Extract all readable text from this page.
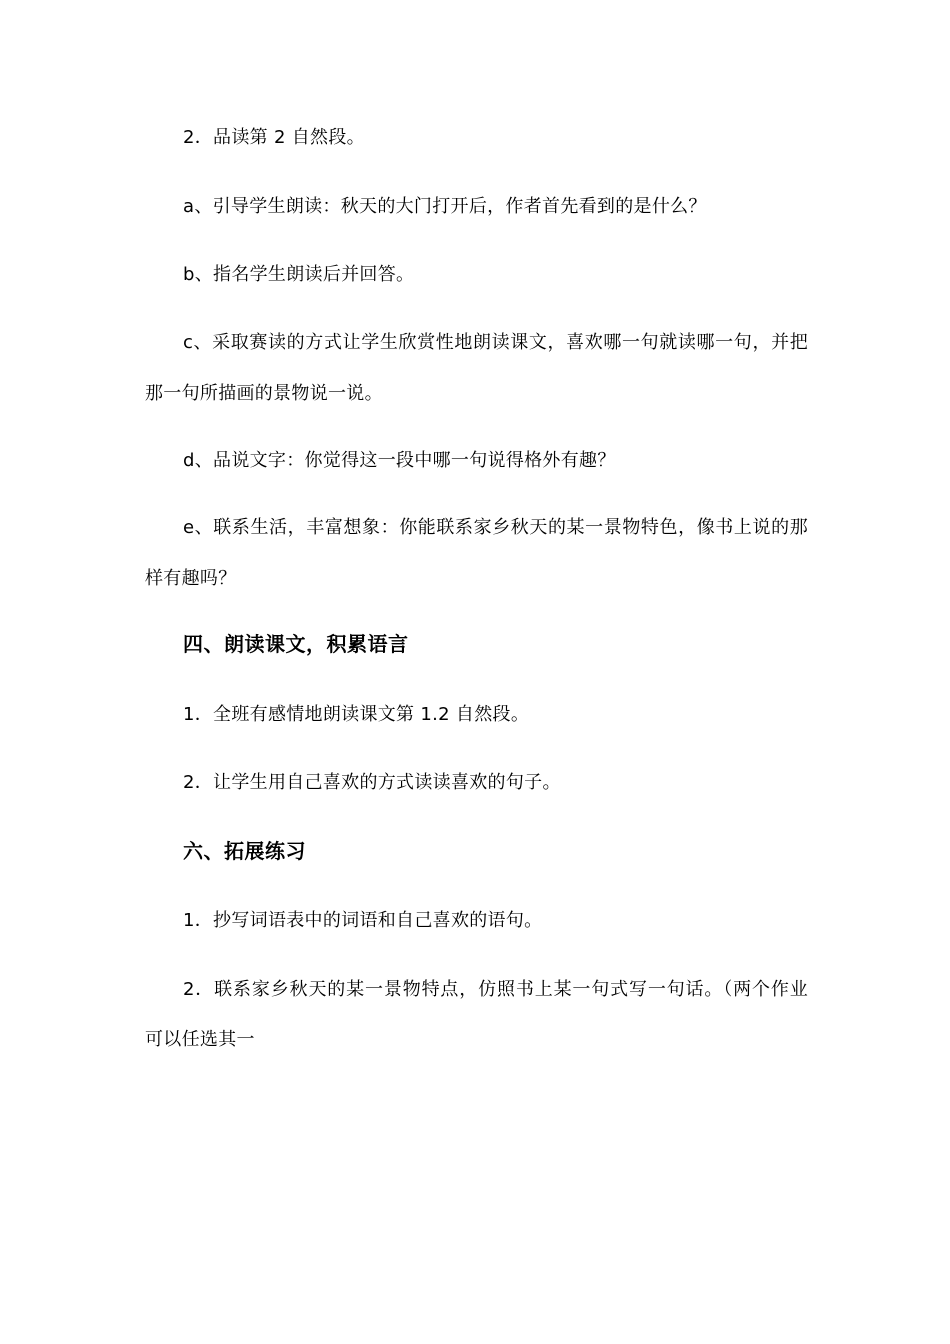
2．品读第 2 自然段。
a、引导学生朗读：秋天的大门打开后，作者首先看到的是什么？
b、指名学生朗读后并回答。
c、采取赛读的方式让学生欣赏性地朗读课文，喜欢哪一句就读哪一句，并把
那一句所描画的景物说一说。
d、品说文字：你觉得这一段中哪一句说得格外有趣？
e、联系生活，丰富想象：你能联系家乡秋天的某一景物特色，像书上说的那
样有趣吗？
四、朗读课文，积累语言
1．全班有感情地朗读课文第 1.2 自然段。
2．让学生用自己喜欢的方式读读喜欢的句子。
六、拓展练习
1．抄写词语表中的词语和自己喜欢的语句。
2．联系家乡秋天的某一景物特点，仿照书上某一句式写一句话。（两个作业
可以任选其一
